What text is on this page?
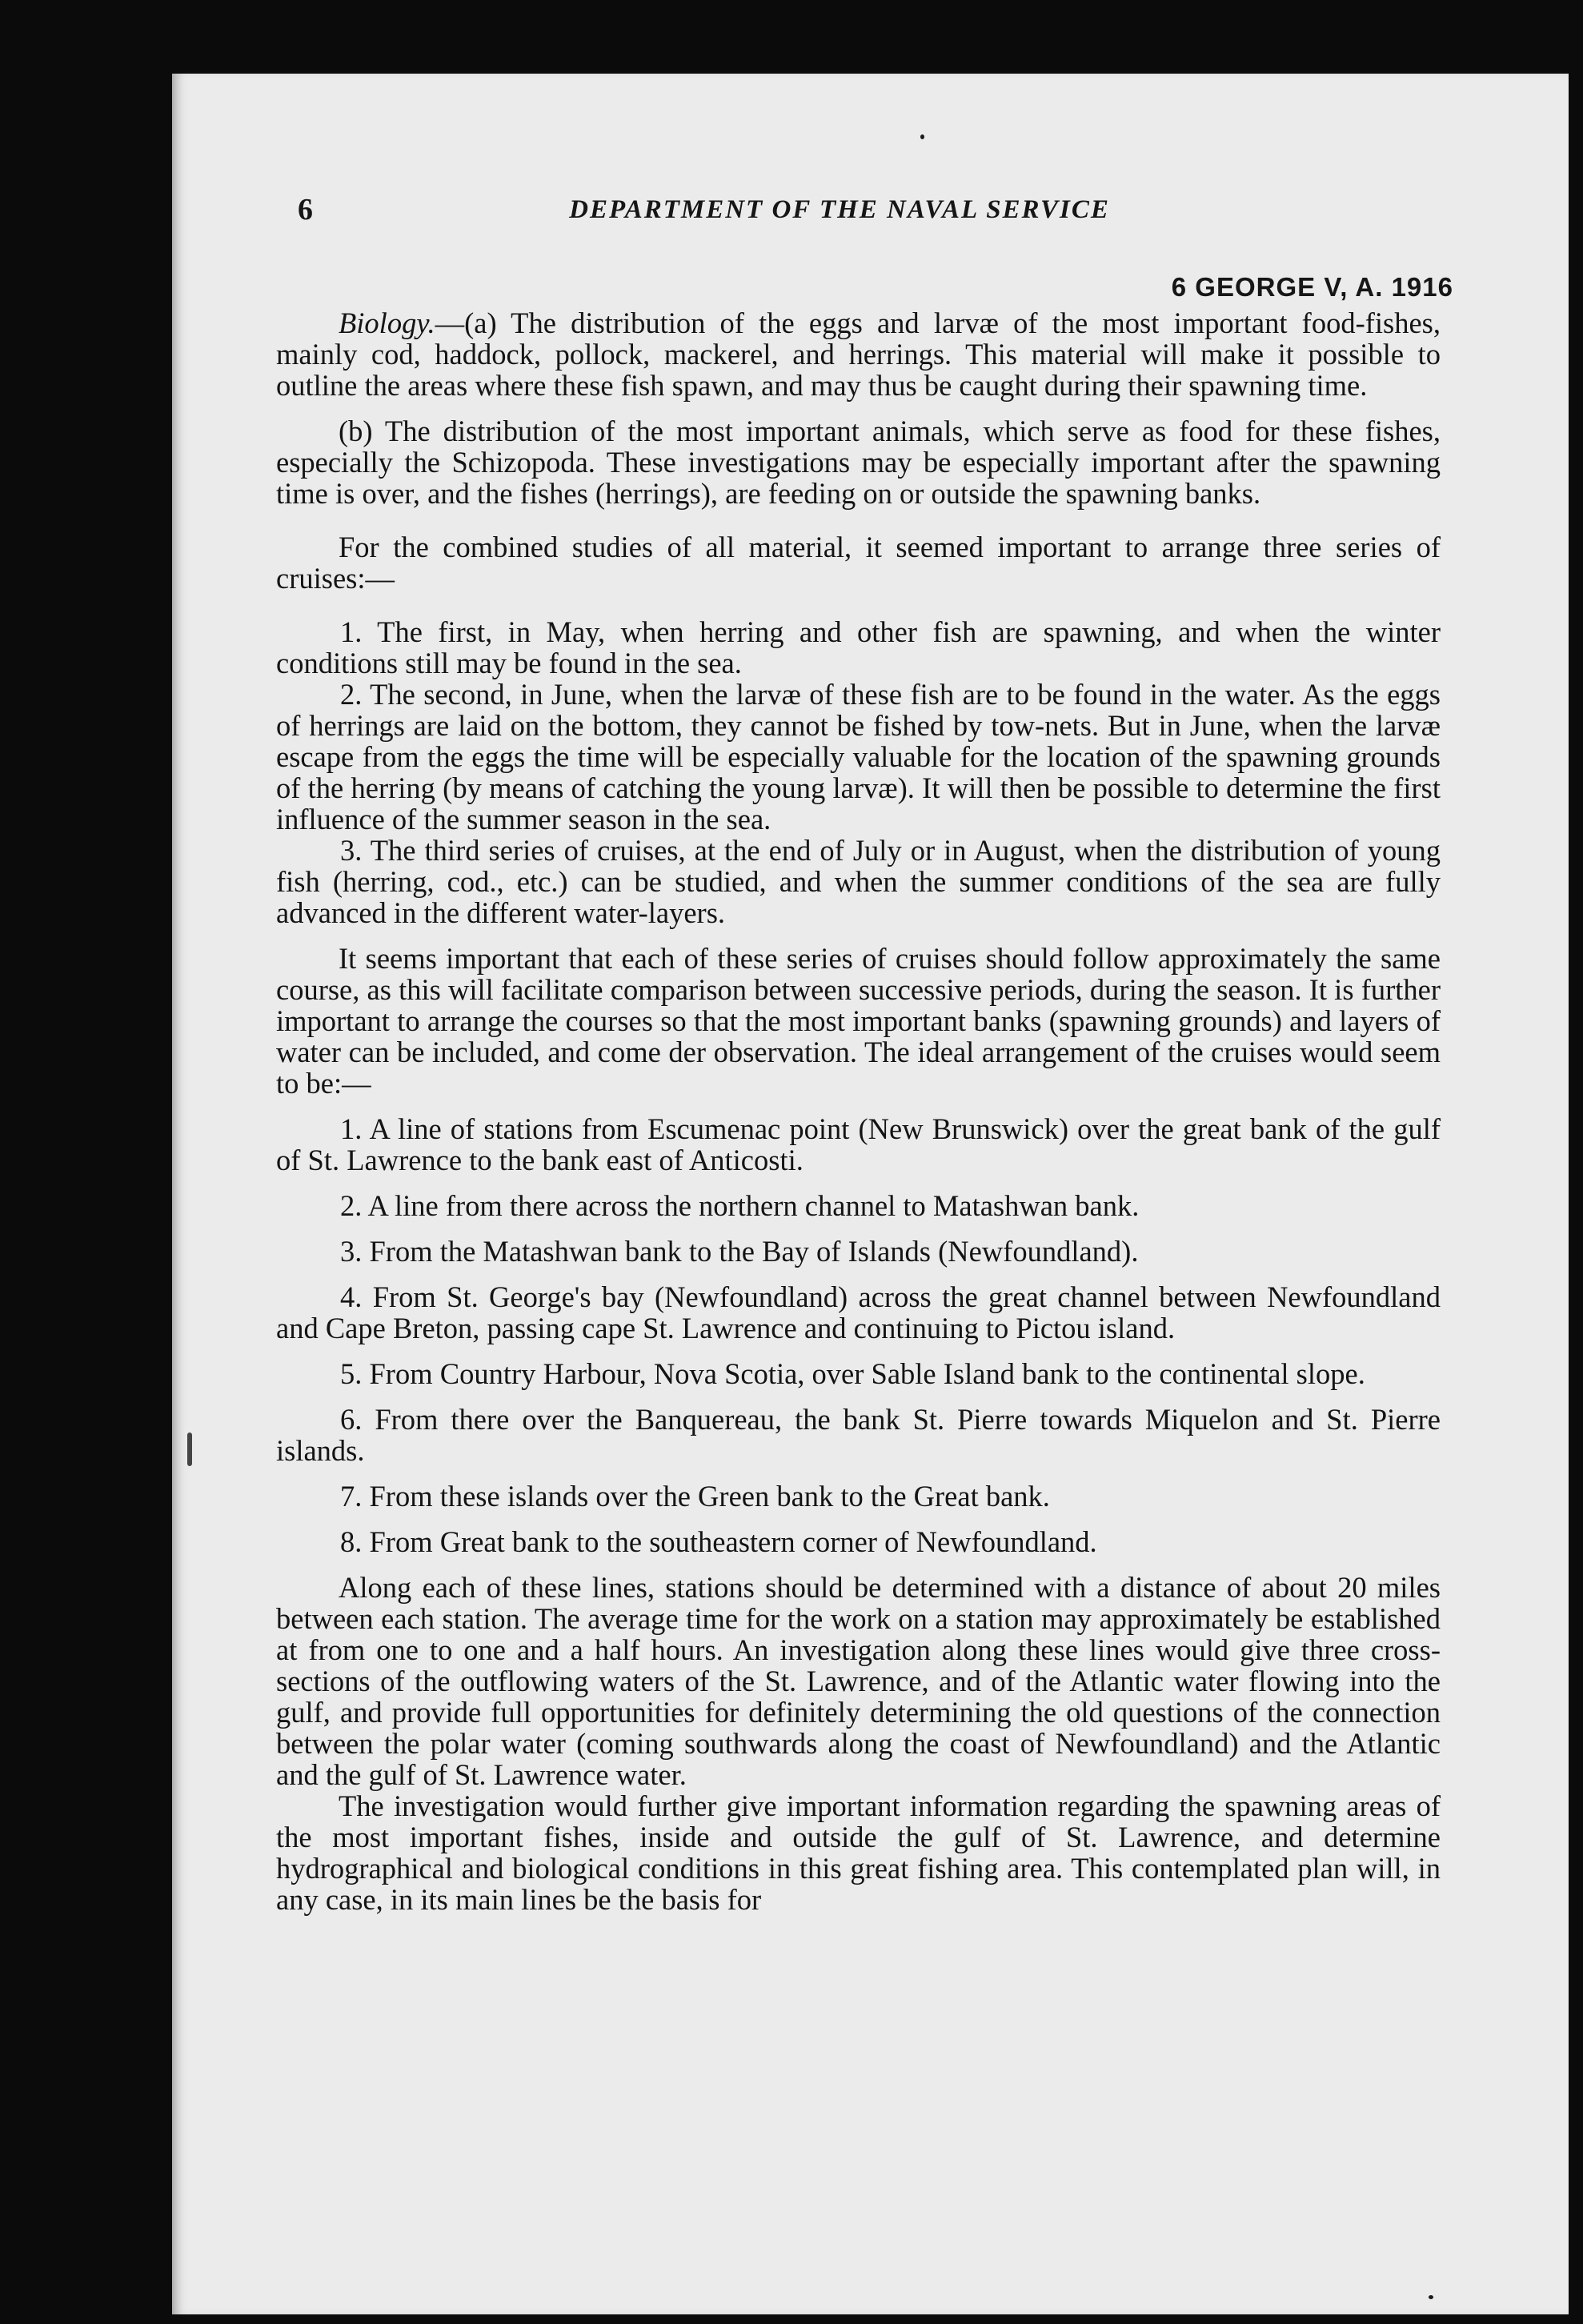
6	DEPARTMENT OF THE NAVAL SERVICE
6 GEORGE V, A. 1916

Biology.—(a) The distribution of the eggs and larvæ of the most important food-fishes, mainly cod, haddock, pollock, mackerel, and herrings. This material will make it possible to outline the areas where these fish spawn, and may thus be caught during their spawning time.

(b) The distribution of the most important animals, which serve as food for these fishes, especially the Schizopoda. These investigations may be especially important after the spawning time is over, and the fishes (herrings), are feeding on or outside the spawning banks.

For the combined studies of all material, it seemed important to arrange three series of cruises:—

1. The first, in May, when herring and other fish are spawning, and when the winter conditions still may be found in the sea.

2. The second, in June, when the larvæ of these fish are to be found in the water. As the eggs of herrings are laid on the bottom, they cannot be fished by tow-nets. But in June, when the larvæ escape from the eggs the time will be especially valuable for the location of the spawning grounds of the herring (by means of catching the young larvæ). It will then be possible to determine the first influence of the summer season in the sea.

3. The third series of cruises, at the end of July or in August, when the distribution of young fish (herring, cod., etc.) can be studied, and when the summer conditions of the sea are fully advanced in the different water-layers.

It seems important that each of these series of cruises should follow approximately the same course, as this will facilitate comparison between successive periods, during the season. It is further important to arrange the courses so that the most important banks (spawning grounds) and layers of water can be included, and come der observation. The ideal arrangement of the cruises would seem to be:—

1. A line of stations from Escumenac point (New Brunswick) over the great bank of the gulf of St. Lawrence to the bank east of Anticosti.

2. A line from there across the northern channel to Matashwan bank.

3. From the Matashwan bank to the Bay of Islands (Newfoundland).

4. From St. George's bay (Newfoundland) across the great channel between Newfoundland and Cape Breton, passing cape St. Lawrence and continuing to Pictou island.

5. From Country Harbour, Nova Scotia, over Sable Island bank to the continental slope.

6. From there over the Banquereau, the bank St. Pierre towards Miquelon and St. Pierre islands.

7. From these islands over the Green bank to the Great bank.

8. From Great bank to the southeastern corner of Newfoundland.

Along each of these lines, stations should be determined with a distance of about 20 miles between each station. The average time for the work on a station may approximately be established at from one to one and a half hours. An investigation along these lines would give three cross-sections of the outflowing waters of the St. Lawrence, and of the Atlantic water flowing into the gulf, and provide full opportunities for definitely determining the old questions of the connection between the polar water (coming southwards along the coast of Newfoundland) and the Atlantic and the gulf of St. Lawrence water.

The investigation would further give important information regarding the spawning areas of the most important fishes, inside and outside the gulf of St. Lawrence, and determine hydrographical and biological conditions in this great fishing area. This contemplated plan will, in any case, in its main lines be the basis for
